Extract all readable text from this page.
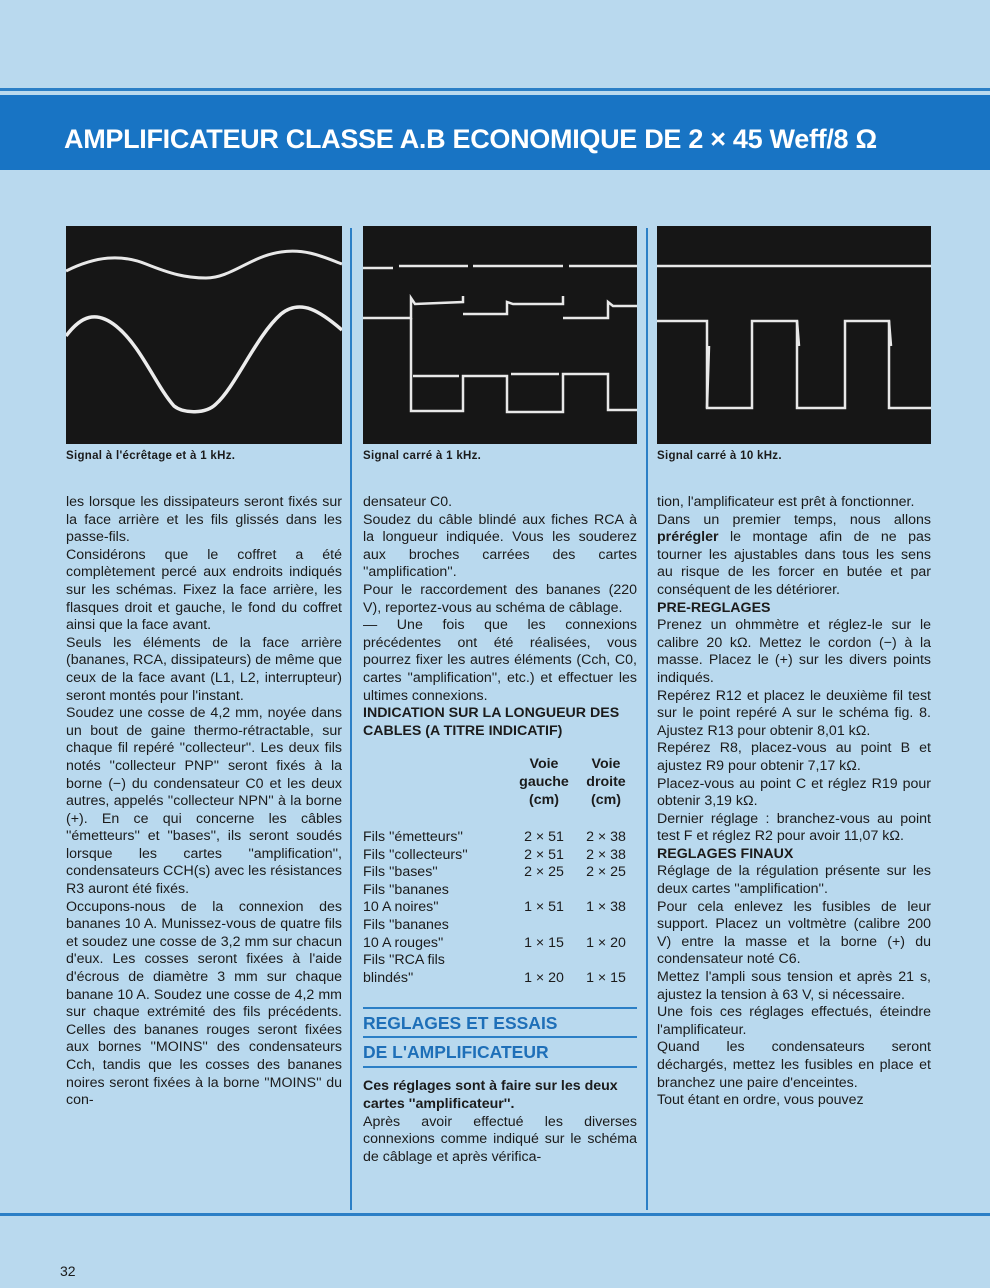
AMPLIFICATEUR CLASSE A.B ECONOMIQUE DE 2 × 45 Weff/8 Ω
Signal à l'écrêtage et à 1 kHz.	Signal carré à 1 kHz.	Signal carré à 10 kHz.

les lorsque les dissipateurs seront fixés sur la face arrière et les fils glissés dans les passe-fils.

Considérons que le coffret a été complètement percé aux endroits indiqués sur les schémas. Fixez la face arrière, les flasques droit et gauche, le fond du coffret ainsi que la face avant.

Seuls les éléments de la face arrière (bananes, RCA, dissipateurs) de même que ceux de la face avant (L1, L2, interrupteur) seront montés pour l'instant.

Soudez une cosse de 4,2 mm, noyée dans un bout de gaine thermo-rétractable, sur chaque fil repéré ''collecteur''. Les deux fils notés ''collecteur PNP'' seront fixés à la borne (−) du condensateur C0 et les deux autres, appelés ''collecteur NPN'' à la borne (+). En ce qui concerne les câbles ''émetteurs'' et ''bases'', ils seront soudés lorsque les cartes ''amplification'', condensateurs CCH(s) avec les résistances R3 auront été fixés.

Occupons-nous de la connexion des bananes 10 A. Munissez-vous de quatre fils et soudez une cosse de 3,2 mm sur chacun d'eux. Les cosses seront fixées à l'aide d'écrous de diamètre 3 mm sur chaque banane 10 A. Soudez une cosse de 4,2 mm sur chaque extrémité des fils précédents. Celles des bananes rouges seront fixées aux bornes ''MOINS'' des condensateurs Cch, tandis que les cosses des bananes noires seront fixées à la borne ''MOINS'' du con-

densateur C0.

Soudez du câble blindé aux fiches RCA à la longueur indiquée. Vous les souderez aux broches carrées des cartes ''amplification''.

Pour le raccordement des bananes (220 V), reportez-vous au schéma de câblage.

— Une fois que les connexions précédentes ont été réalisées, vous pourrez fixer les autres éléments (Cch, C0, cartes ''amplification'', etc.) et effectuer les ultimes connexions.

INDICATION SUR LA LONGUEUR DES CABLES (A TITRE INDICATIF)

	Voie
gauche
(cm)	Voie
droite
(cm)

Fils ''émetteurs''	2 × 51	2 × 38
Fils ''collecteurs''	2 × 51	2 × 38
Fils ''bases''	2 × 25	2 × 25
Fils ''bananes
10 A noires''	1 × 51	1 × 38
Fils ''bananes
10 A rouges''	1 × 15	1 × 20
Fils ''RCA fils
blindés''	1 × 20	1 × 15
REGLAGES ET ESSAIS
DE L'AMPLIFICATEUR

Ces réglages sont à faire sur les deux cartes ''amplificateur''.

Après avoir effectué les diverses connexions comme indiqué sur le schéma de câblage et après vérifica-

tion, l'amplificateur est prêt à fonctionner.

Dans un premier temps, nous allons prérégler le montage afin de ne pas tourner les ajustables dans tous les sens au risque de les forcer en butée et par conséquent de les détériorer.

PRE-REGLAGES

Prenez un ohmmètre et réglez-le sur le calibre 20 kΩ. Mettez le cordon (−) à la masse. Placez le (+) sur les divers points indiqués.

Repérez R12 et placez le deuxième fil test sur le point repéré A sur le schéma fig. 8. Ajustez R13 pour obtenir 8,01 kΩ.

Repérez R8, placez-vous au point B et ajustez R9 pour obtenir 7,17 kΩ.

Placez-vous au point C et réglez R19 pour obtenir 3,19 kΩ.

Dernier réglage : branchez-vous au point test F et réglez R2 pour avoir 11,07 kΩ.

REGLAGES FINAUX

Réglage de la régulation présente sur les deux cartes ''amplification''.

Pour cela enlevez les fusibles de leur support. Placez un voltmètre (calibre 200 V) entre la masse et la borne (+) du condensateur noté C6.

Mettez l'ampli sous tension et après 21 s, ajustez la tension à 63 V, si nécessaire.

Une fois ces réglages effectués, éteindre l'amplificateur.

Quand les condensateurs seront déchargés, mettez les fusibles en place et branchez une paire d'enceintes.

Tout étant en ordre, vous pouvez

32
